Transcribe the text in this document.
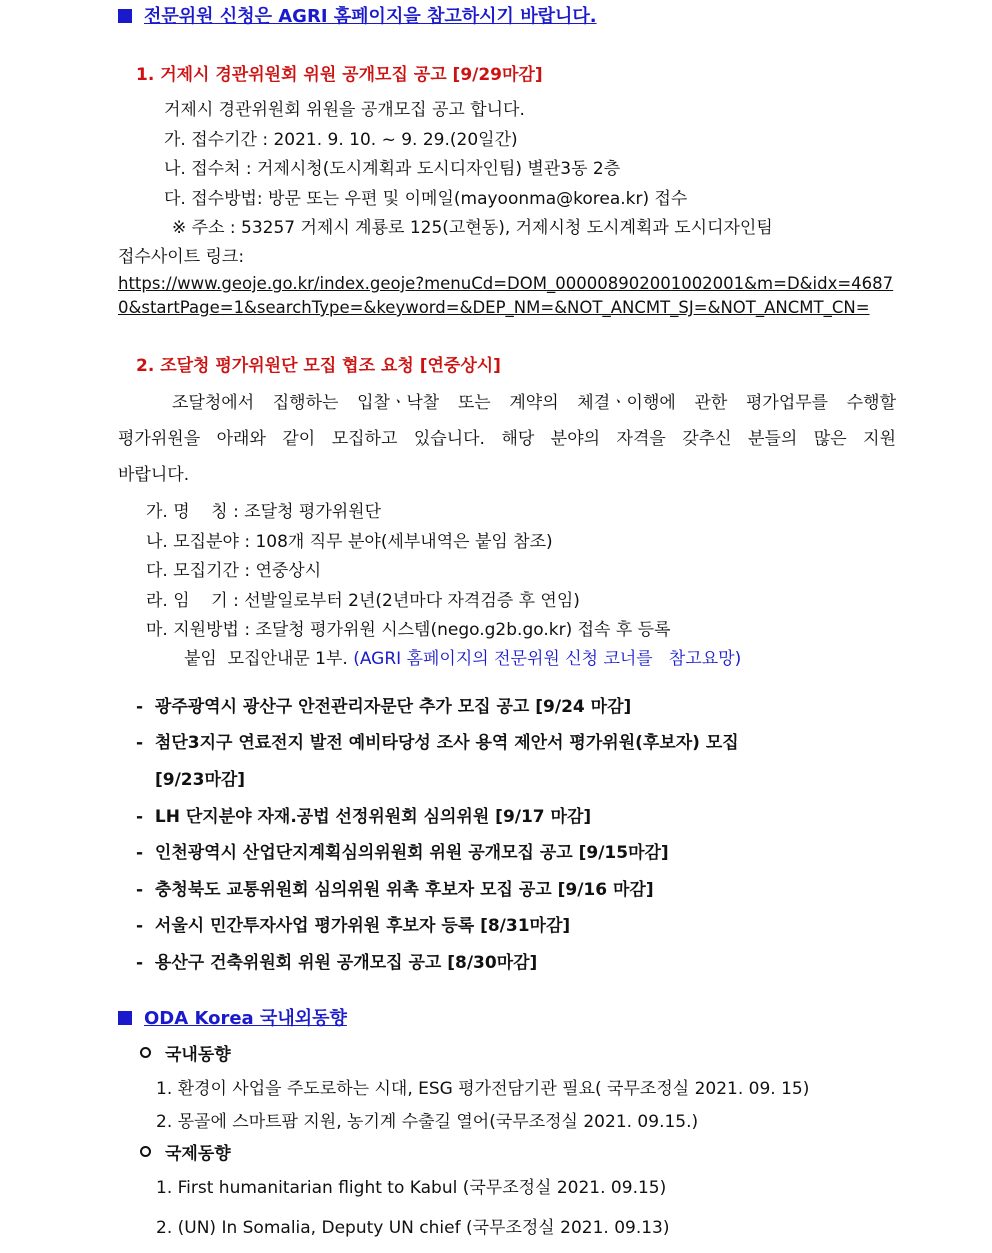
전문위원 신청은 AGRI 홈페이지을 참고하시기 바랍니다.
1. 거제시 경관위원회 위원 공개모집 공고 [9/29마감]
거제시 경관위원회 위원을 공개모집 공고 합니다.
가. 접수기간 : 2021. 9. 10. ~ 9. 29.(20일간)
나. 접수처 : 거제시청(도시계획과 도시디자인팀) 별관3동 2층
다. 접수방법: 방문 또는 우편 및 이메일(mayoonma@korea.kr) 접수
※ 주소 : 53257 거제시 계룡로 125(고현동), 거제시청 도시계획과 도시디자인팀
접수사이트 링크:
https://www.geoje.go.kr/index.geoje?menuCd=DOM_000008902001002001&m=D&idx=4687
0&startPage=1&searchType=&keyword=&DEP_NM=&NOT_ANCMT_SJ=&NOT_ANCMT_CN=
2. 조달청 평가위원단 모집 협조 요청 [연중상시]
조달청에서 집행하는 입찰ㆍ낙찰 또는 계약의 체결ㆍ이행에 관한 평가업무를 수행할
평가위원을 아래와 같이 모집하고 있습니다. 해당 분야의 자격을 갖추신 분들의 많은 지원
바랍니다.
가. 명    칭 : 조달청 평가위원단
나. 모집분야 : 108개 직무 분야(세부내역은 붙임 참조)
다. 모집기간 : 연중상시
라. 임    기 : 선발일로부터 2년(2년마다 자격검증 후 연임)
마. 지원방법 : 조달청 평가위원 시스템(nego.g2b.go.kr) 접속 후 등록
붙임  모집안내문 1부. (AGRI 홈페이지의 전문위원 신청 코너를   참고요망)
-  광주광역시 광산구 안전관리자문단 추가 모집 공고 [9/24 마감]
-  첨단3지구 연료전지 발전 예비타당성 조사 용역 제안서 평가위원(후보자) 모집
[9/23마감]
-  LH 단지분야 자재.공법 선정위원회 심의위원 [9/17 마감]
-  인천광역시 산업단지계획심의위원회 위원 공개모집 공고 [9/15마감]
-  충청북도 교통위원회 심의위원 위촉 후보자 모집 공고 [9/16 마감]
-  서울시 민간투자사업 평가위원 후보자 등록 [8/31마감]
-  용산구 건축위원회 위원 공개모집 공고 [8/30마감]
ODA Korea 국내외동향
국내동향
1. 환경이 사업을 주도로하는 시대, ESG 평가전담기관 필요( 국무조정실 2021. 09. 15)
2. 몽골에 스마트팜 지원, 농기계 수출길 열어(국무조정실 2021. 09.15.)
국제동향
1. First humanitarian flight to Kabul (국무조정실 2021. 09.15)
2. (UN) In Somalia, Deputy UN chief (국무조정실 2021. 09.13)
